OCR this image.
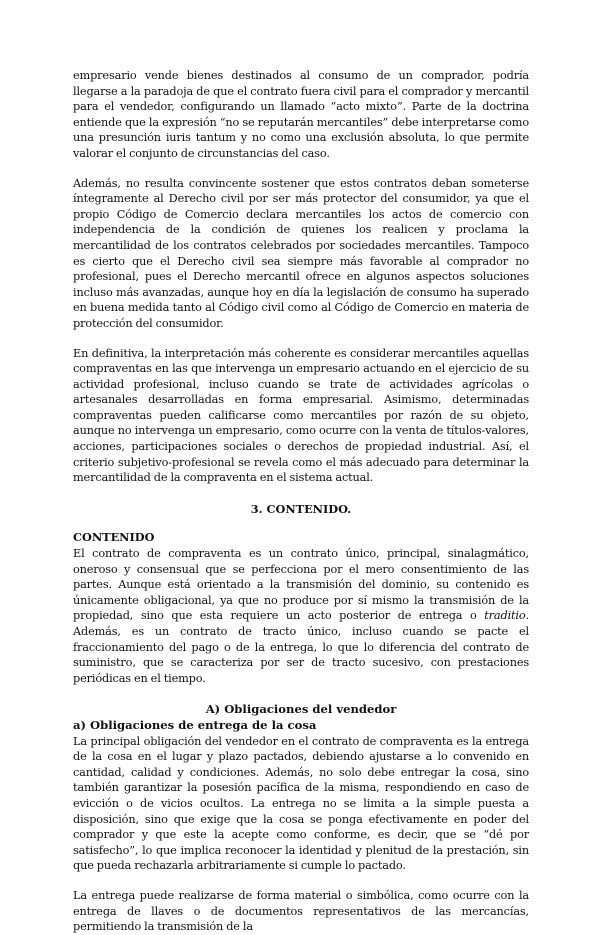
empresario vende bienes destinados al consumo de un comprador, podría llegarse a la paradoja de que el contrato fuera civil para el comprador y mercantil para el vendedor, configurando un llamado “acto mixto”. Parte de la doctrina entiende que la expresión “no se reputarán mercantiles” debe interpretarse como una presunción iuris tantum y no como una exclusión absoluta, lo que permite valorar el conjunto de circunstancias del caso.

Además, no resulta convincente sostener que estos contratos deban someterse íntegramente al Derecho civil por ser más protector del consumidor, ya que el propio Código de Comercio declara mercantiles los actos de comercio con independencia de la condición de quienes los realicen y proclama la mercantilidad de los contratos celebrados por sociedades mercantiles. Tampoco es cierto que el Derecho civil sea siempre más favorable al comprador no profesional, pues el Derecho mercantil ofrece en algunos aspectos soluciones incluso más avanzadas, aunque hoy en día la legislación de consumo ha superado en buena medida tanto al Código civil como al Código de Comercio en materia de protección del consumidor.

En definitiva, la interpretación más coherente es considerar mercantiles aquellas compraventas en las que intervenga un empresario actuando en el ejercicio de su actividad profesional, incluso cuando se trate de actividades agrícolas o artesanales desarrolladas en forma empresarial. Asimismo, determinadas compraventas pueden calificarse como mercantiles por razón de su objeto, aunque no intervenga un empresario, como ocurre con la venta de títulos-valores, acciones, participaciones sociales o derechos de propiedad industrial. Así, el criterio subjetivo-profesional se revela como el más adecuado para determinar la mercantilidad de la compraventa en el sistema actual.

3. CONTENIDO.
CONTENIDO

El contrato de compraventa es un contrato único, principal, sinalagmático, oneroso y consensual que se perfecciona por el mero consentimiento de las partes. Aunque está orientado a la transmisión del dominio, su contenido es únicamente obligacional, ya que no produce por sí mismo la transmisión de la propiedad, sino que esta requiere un acto posterior de entrega o traditio. Además, es un contrato de tracto único, incluso cuando se pacte el fraccionamiento del pago o de la entrega, lo que lo diferencia del contrato de suministro, que se caracteriza por ser de tracto sucesivo, con prestaciones periódicas en el tiempo.

A) Obligaciones del vendedor
a) Obligaciones de entrega de la cosa

La principal obligación del vendedor en el contrato de compraventa es la entrega de la cosa en el lugar y plazo pactados, debiendo ajustarse a lo convenido en cantidad, calidad y condiciones. Además, no solo debe entregar la cosa, sino también garantizar la posesión pacífica de la misma, respondiendo en caso de evicción o de vicios ocultos. La entrega no se limita a la simple puesta a disposición, sino que exige que la cosa se ponga efectivamente en poder del comprador y que este la acepte como conforme, es decir, que se “dé por satisfecho”, lo que implica reconocer la identidad y plenitud de la prestación, sin que pueda rechazarla arbitrariamente si cumple lo pactado.

La entrega puede realizarse de forma material o simbólica, como ocurre con la entrega de llaves o de documentos representativos de las mercancías, permitiendo la transmisión de la
